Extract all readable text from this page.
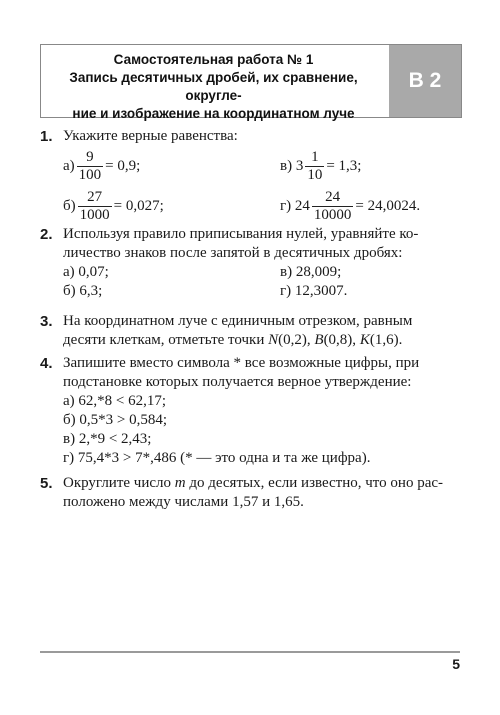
Самостоятельная работа № 1
Запись десятичных дробей, их сравнение, округле-
ние и изображение на координатном луче
В 2
1. Укажите верные равенства:
$а) \frac{9}{100} = 0,9$;	в) $3 \frac{1}{10} = 1,3$;
$б) \frac{27}{1000} = 0,027$;	г) $24 \frac{24}{10000} = 24,0024$.
2. Используя правило приписывания нулей, уравняйте ко-
личество знаков после запятой в десятичных дробях:
а) 0,07;	в) 28,009;
б) 6,3;	г) 12,3007.
3. На координатном луче с единичным отрезком, равным
десяти клеткам, отметьте точки N(0,2), B(0,8), K(1,6).
4. Запишите вместо символа * все возможные цифры, при
подстановке которых получается верное утверждение:
а) 62,*8 < 62,17;
б) 0,5*3 > 0,584;
в) 2,*9 < 2,43;
г) 75,4*3 > 7*,486 (* — это одна и та же цифра).
5. Округлите число m до десятых, если известно, что оно рас-
положено между числами 1,57 и 1,65.
5
